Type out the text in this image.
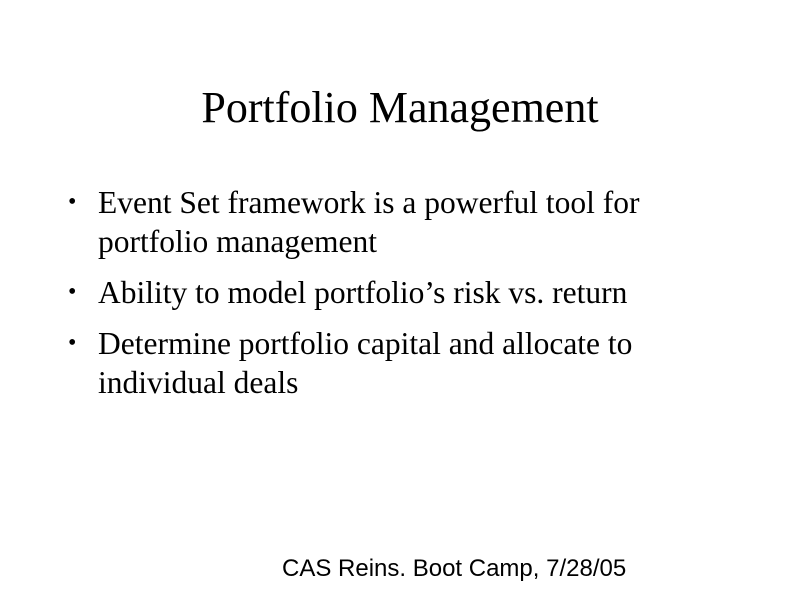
Portfolio Management
• Event Set framework is a powerful tool for portfolio management
• Ability to model portfolio’s risk vs. return
• Determine portfolio capital and allocate to individual deals
CAS Reins. Boot Camp, 7/28/05
